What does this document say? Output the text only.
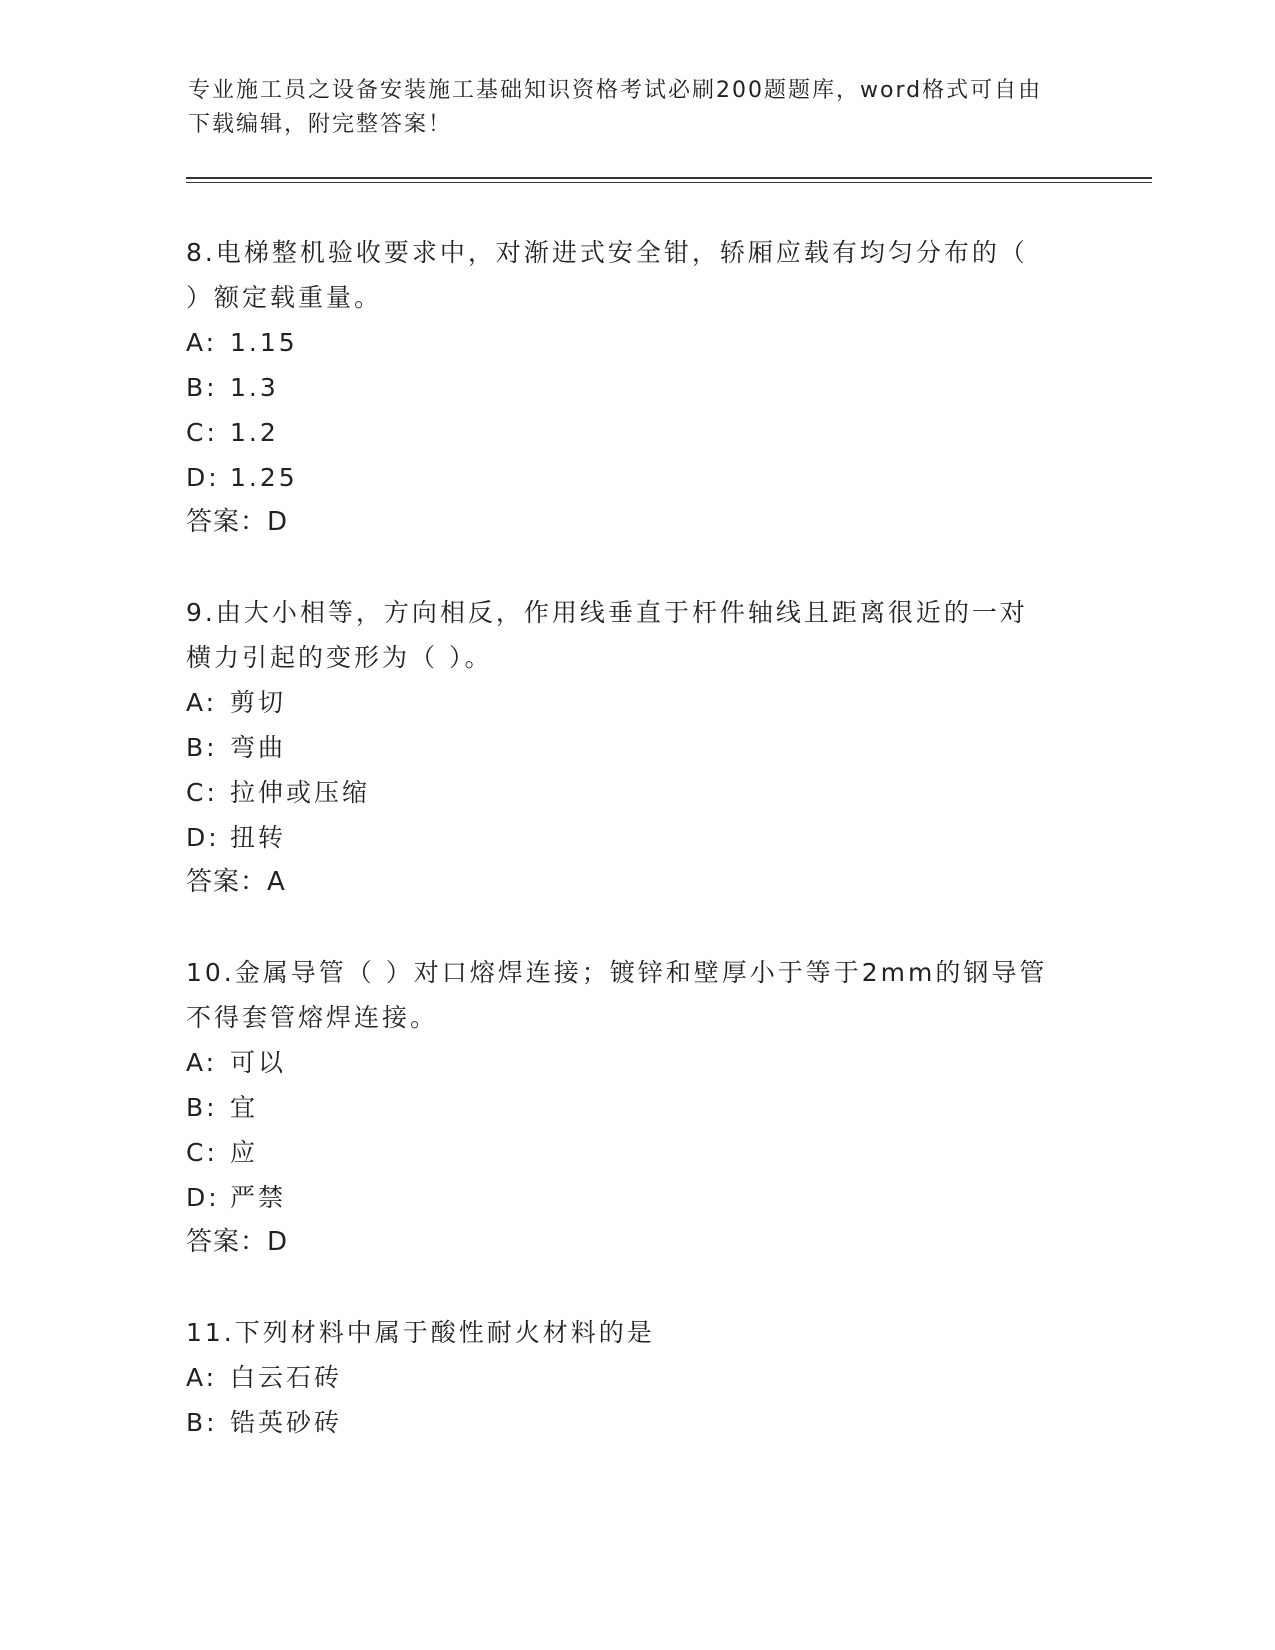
专业施工员之设备安装施工基础知识资格考试必刷200题题库，word格式可自由
下载编辑，附完整答案！

8.电梯整机验收要求中，对渐进式安全钳，轿厢应载有均匀分布的（
）额定载重量。

A: 1.15
B: 1.3
C: 1.2
D: 1.25

答案：D

9.由大小相等，方向相反，作用线垂直于杆件轴线且距离很近的一对
横力引起的变形为（ ）。

A: 剪切
B: 弯曲
C: 拉伸或压缩
D: 扭转

答案：A

10.金属导管（ ）对口熔焊连接；镀锌和壁厚小于等于2mm的钢导管
不得套管熔焊连接。

A: 可以
B: 宜
C: 应
D: 严禁

答案：D

11.下列材料中属于酸性耐火材料的是

A: 白云石砖
B: 锆英砂砖
